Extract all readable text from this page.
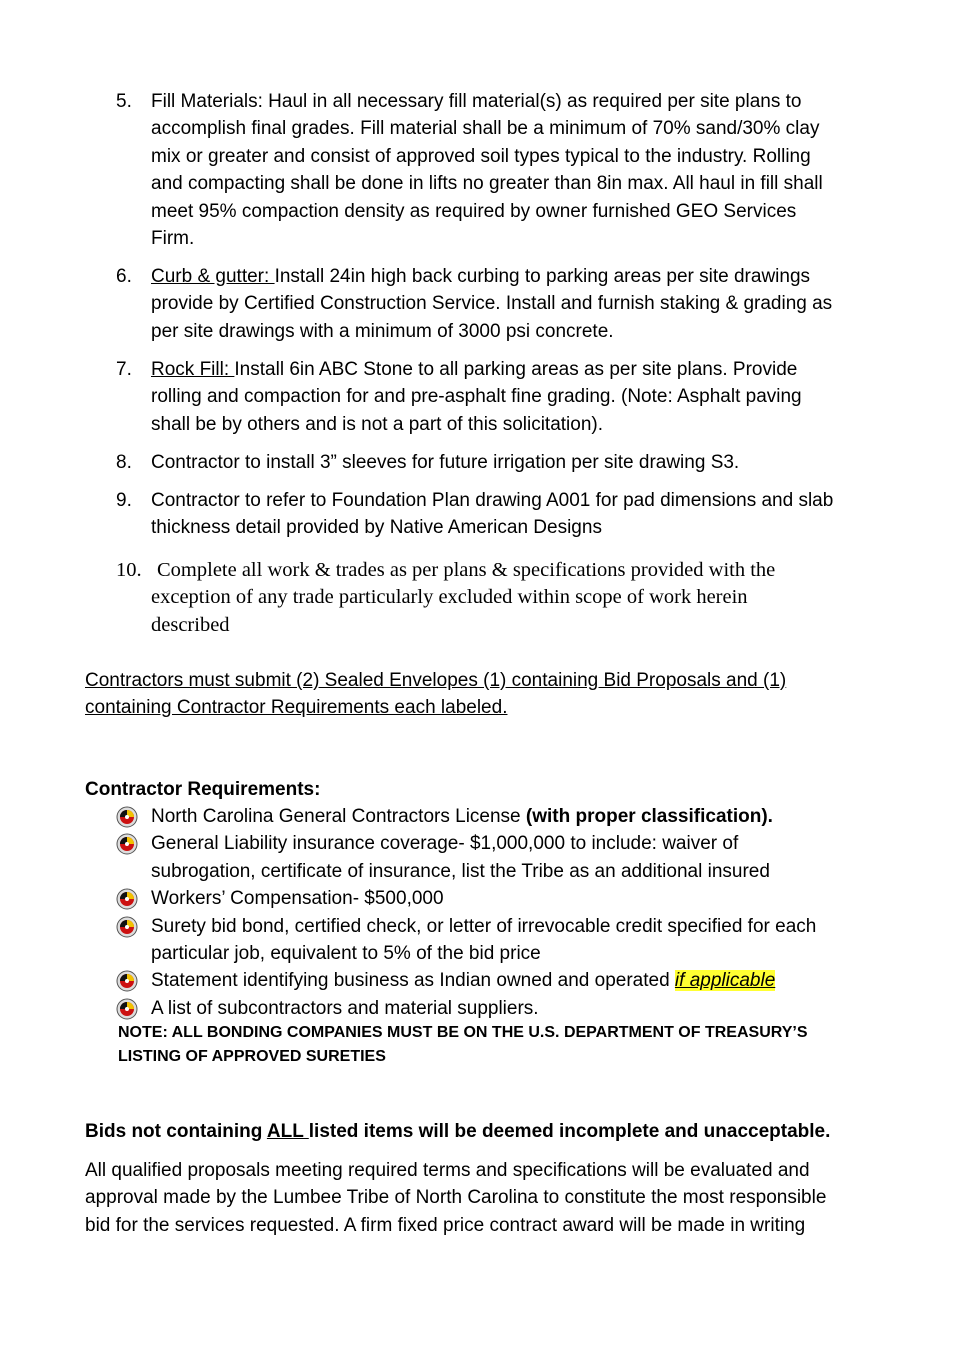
5.	Fill Materials: Haul in all necessary fill material(s) as required per site plans to
accomplish final grades. Fill material shall be a minimum of 70% sand/30% clay
mix or greater and consist of approved soil types typical to the industry. Rolling
and compacting shall be done in lifts no greater than 8in max. All haul in fill shall
meet 95% compaction density as required by owner furnished GEO Services
Firm.
6.	Curb & gutter: Install 24in high back curbing to parking areas per site drawings
provide by Certified Construction Service. Install and furnish staking & grading as
per site drawings with a minimum of 3000 psi concrete.
7.	Rock Fill: Install 6in ABC Stone to all parking areas as per site plans. Provide
rolling and compaction for and pre-asphalt fine grading. (Note: Asphalt paving
shall be by others and is not a part of this solicitation).
8.	Contractor to install 3” sleeves for future irrigation per site drawing S3.
9.	Contractor to refer to Foundation Plan drawing A001 for pad dimensions and slab
thickness detail provided by Native American Designs
10. Complete all work & trades as per plans & specifications provided with the
exception of any trade particularly excluded within scope of work herein
described
Contractors must submit (2) Sealed Envelopes (1) containing Bid Proposals and (1)
containing Contractor Requirements each labeled.
Contractor Requirements:
North Carolina General Contractors License (with proper classification).
General Liability insurance coverage- $1,000,000 to include: waiver of
subrogation, certificate of insurance, list the Tribe as an additional insured
Workers’ Compensation- $500,000
Surety bid bond, certified check, or letter of irrevocable credit specified for each
particular job, equivalent to 5% of the bid price
Statement identifying business as Indian owned and operated if applicable
A list of subcontractors and material suppliers.
NOTE: ALL BONDING COMPANIES MUST BE ON THE U.S. DEPARTMENT OF TREASURY’S
LISTING OF APPROVED SURETIES
Bids not containing ALL listed items will be deemed incomplete and unacceptable.
All qualified proposals meeting required terms and specifications will be evaluated and
approval made by the Lumbee Tribe of North Carolina to constitute the most responsible
bid for the services requested. A firm fixed price contract award will be made in writing
